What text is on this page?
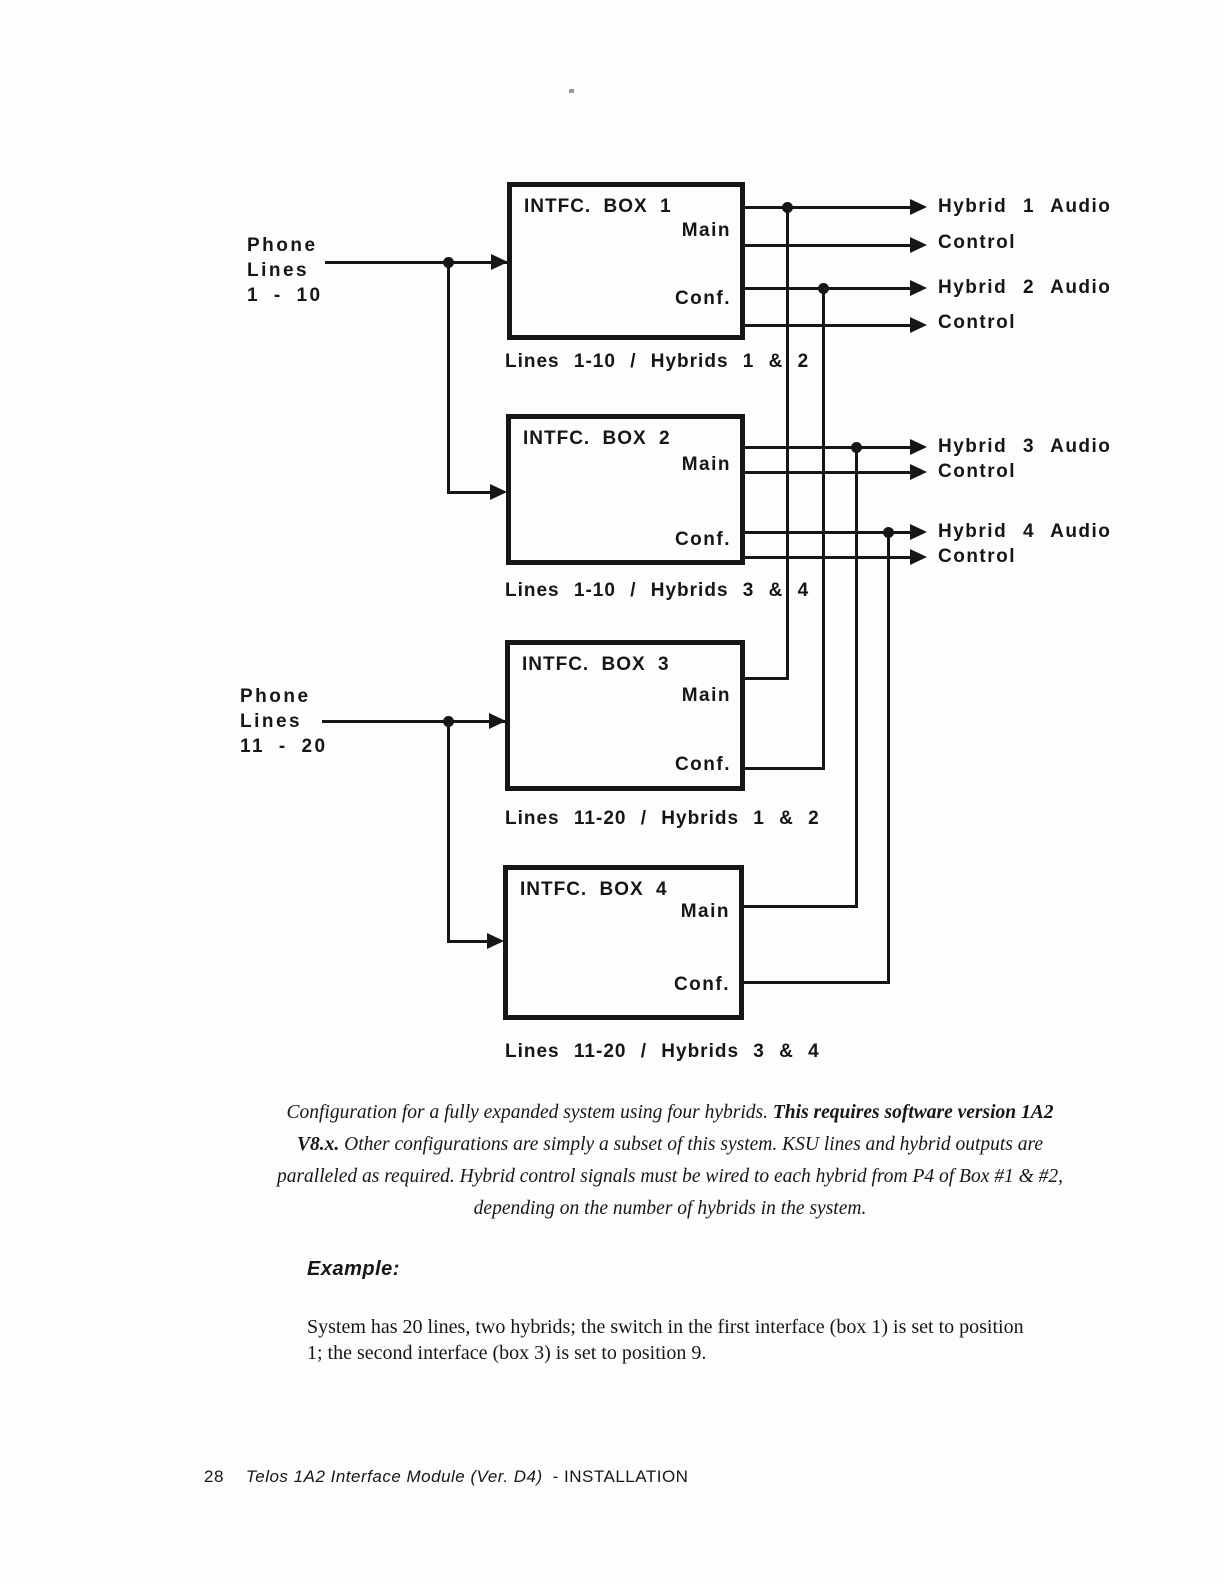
Phone
Lines
1 - 10
Phone
Lines
11 - 20
INTFC. BOX 1
Main
Conf.
INTFC. BOX 2
Main
Conf.
INTFC. BOX 3
Main
Conf.
INTFC. BOX 4
Main
Conf.
Lines 1-10 / Hybrids 1 & 2
Lines 1-10 / Hybrids 3 & 4
Lines 11-20 / Hybrids 1 & 2
Lines 11-20 / Hybrids 3 & 4
Hybrid 1 Audio
Control
Hybrid 2 Audio
Control
Hybrid 3 Audio
Control
Hybrid 4 Audio
Control
Configuration for a fully expanded system using four hybrids. This requires software version 1A2 V8.x. Other configurations are simply a subset of this system. KSU lines and hybrid outputs are paralleled as required. Hybrid control signals must be wired to each hybrid from P4 of Box #1 & #2, depending on the number of hybrids in the system.
Example:
System has 20 lines, two hybrids; the switch in the first interface (box 1) is set to position 1; the second interface (box 3) is set to position 9.
28 Telos 1A2 Interface Module (Ver. D4) - INSTALLATION
